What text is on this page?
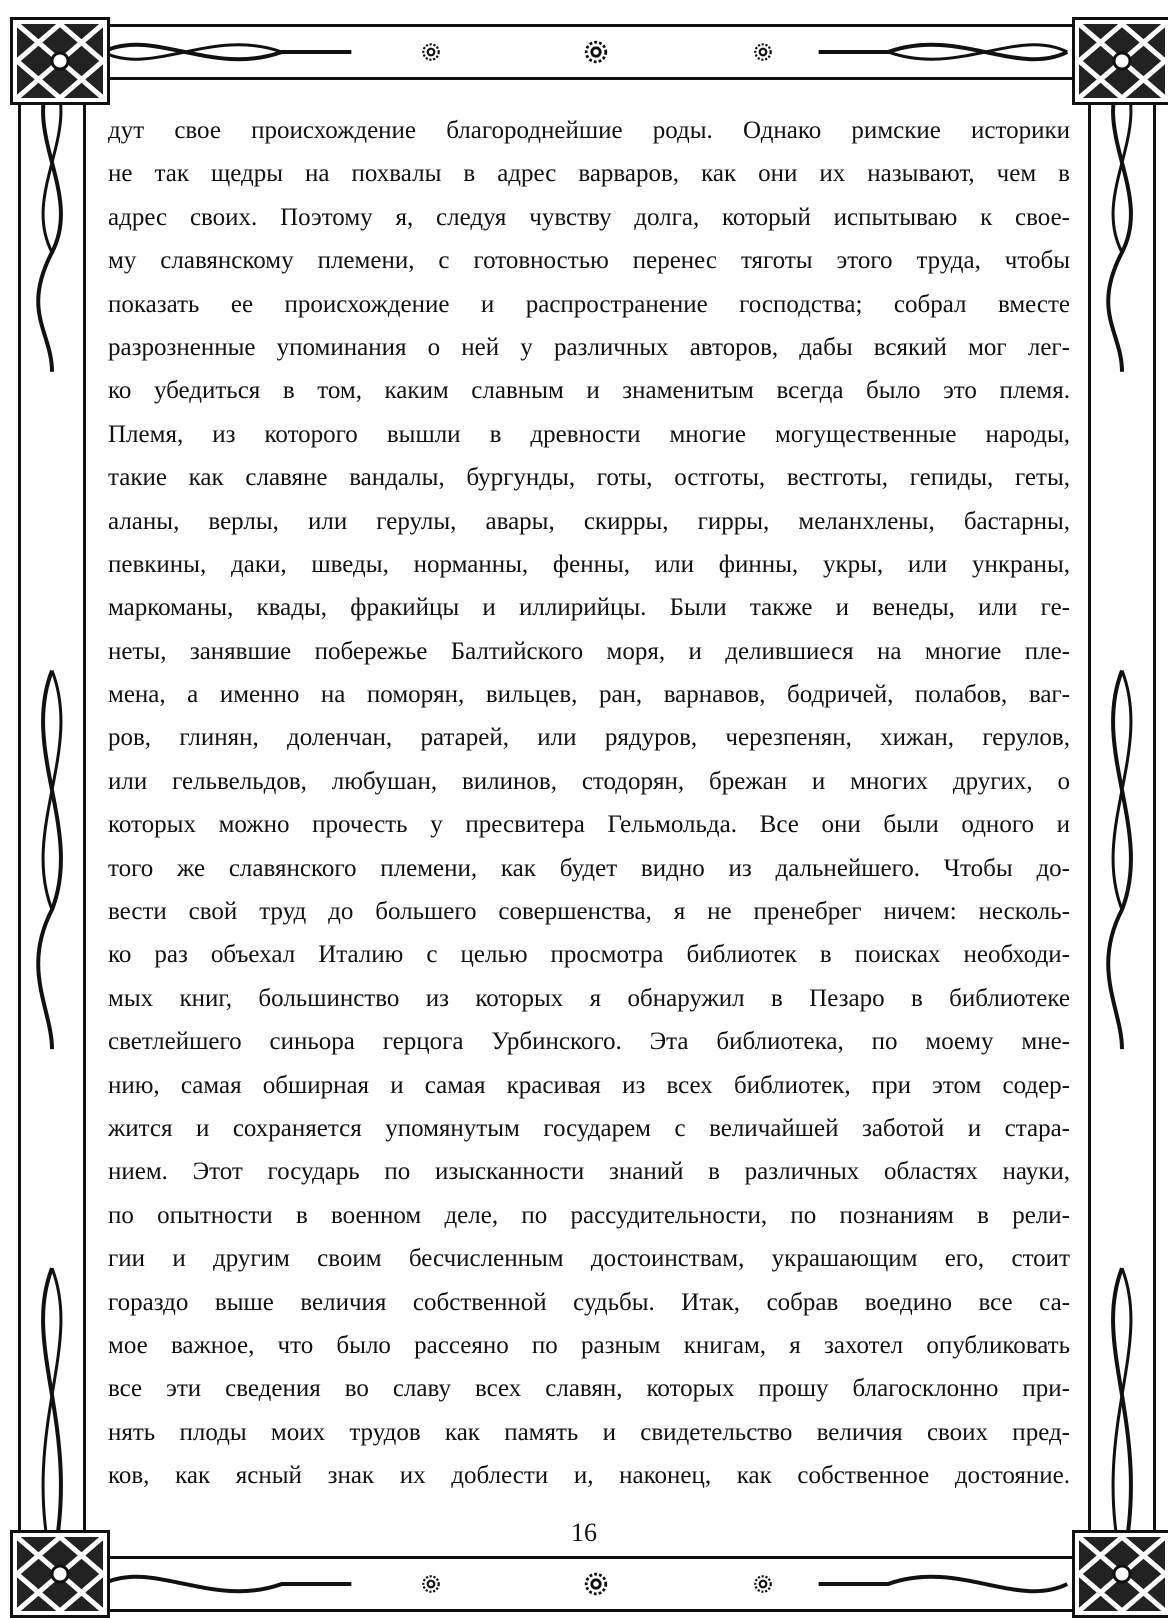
дут свое происхождение благороднейшие роды. Однако римские историки
не так щедры на похвалы в адрес варваров, как они их называют, чем в
адрес своих. Поэтому я, следуя чувству долга, который испытываю к свое-
му славянскому племени, с готовностью перенес тяготы этого труда, чтобы
показать ее происхождение и распространение господства; собрал вместе
разрозненные упоминания о ней у различных авторов, дабы всякий мог лег-
ко убедиться в том, каким славным и знаменитым всегда было это племя.
Племя, из которого вышли в древности многие могущественные народы,
такие как славяне вандалы, бургунды, готы, остготы, вестготы, гепиды, геты,
аланы, верлы, или герулы, авары, скирры, гирры, меланхлены, бастарны,
певкины, даки, шведы, норманны, фенны, или финны, укры, или ункраны,
маркоманы, квады, фракийцы и иллирийцы. Были также и венеды, или ге-
неты, занявшие побережье Балтийского моря, и делившиеся на многие пле-
мена, а именно на поморян, вильцев, ран, варнавов, бодричей, полабов, ваг-
ров, глинян, доленчан, ратарей, или рядуров, черезпенян, хижан, герулов,
или гельвельдов, любушан, вилинов, стодорян, брежан и многих других, о
которых можно прочесть у пресвитера Гельмольда. Все они были одного и
того же славянского племени, как будет видно из дальнейшего. Чтобы до-
вести свой труд до большего совершенства, я не пренебрег ничем: несколь-
ко раз объехал Италию с целью просмотра библиотек в поисках необходи-
мых книг, большинство из которых я обнаружил в Пезаро в библиотеке
светлейшего синьора герцога Урбинского. Эта библиотека, по моему мне-
нию, самая обширная и самая красивая из всех библиотек, при этом содер-
жится и сохраняется упомянутым государем с величайшей заботой и стара-
нием. Этот государь по изысканности знаний в различных областях науки,
по опытности в военном деле, по рассудительности, по познаниям в рели-
гии и другим своим бесчисленным достоинствам, украшающим его, стоит
гораздо выше величия собственной судьбы. Итак, собрав воедино все са-
мое важное, что было рассеяно по разным книгам, я захотел опубликовать
все эти сведения во славу всех славян, которых прошу благосклонно при-
нять плоды моих трудов как память и свидетельство величия своих пред-
ков, как ясный знак их доблести и, наконец, как собственное достояние.
16
